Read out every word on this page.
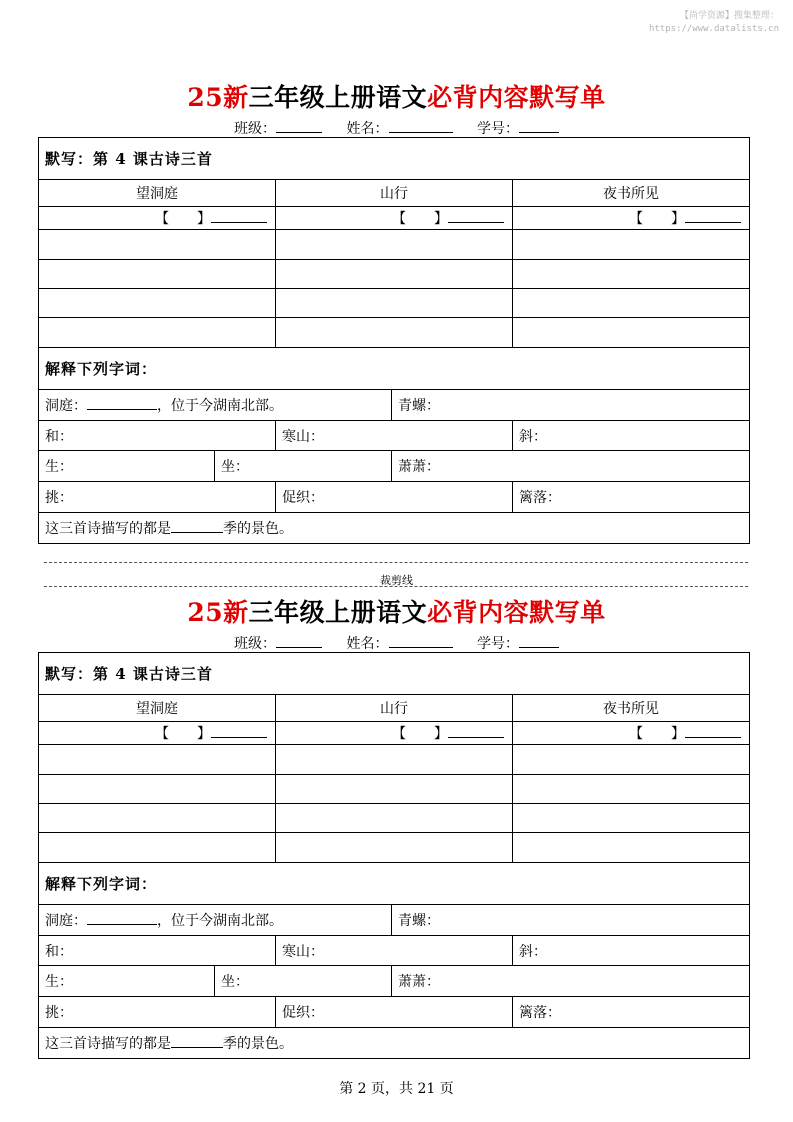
【尚学资源】搜集整理：
https://www.datalists.cn
25新三年级上册语文必背内容默写单
班级：	姓名：	学号：
默写：第 4 课古诗三首				
望洞庭		山行		夜书所见
【　　】		【　　】		【　　】

解释下列字词：				
洞庭： ，位于今湖南北部。			青螺：	
和：		寒山：		斜：
生：	坐：		萧萧：	
挑：		促织：		篱落：
这三首诗描写的都是 季的景色。				
裁剪线
25新三年级上册语文必背内容默写单
班级：	姓名：	学号：
默写：第 4 课古诗三首				
望洞庭		山行		夜书所见
【　　】		【　　】		【　　】

解释下列字词：				
洞庭： ，位于今湖南北部。			青螺：	
和：		寒山：		斜：
生：	坐：		萧萧：	
挑：		促织：		篱落：
这三首诗描写的都是 季的景色。				
第 2 页，共 21 页
